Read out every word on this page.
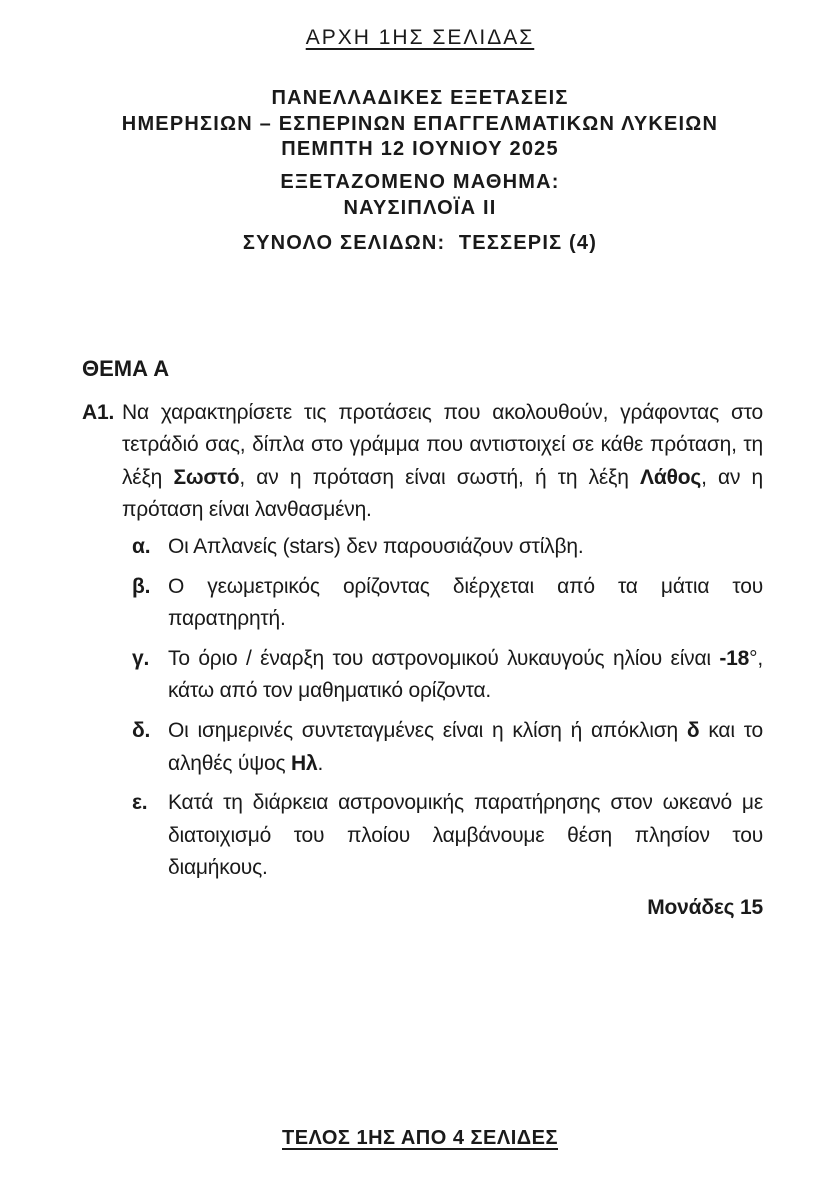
ΑΡΧΗ 1ΗΣ ΣΕΛΙΔΑΣ
ΠΑΝΕΛΛΑΔΙΚΕΣ ΕΞΕΤΑΣΕΙΣ
ΗΜΕΡΗΣΙΩΝ – ΕΣΠΕΡΙΝΩΝ ΕΠΑΓΓΕΛΜΑΤΙΚΩΝ ΛΥΚΕΙΩΝ
ΠΕΜΠΤΗ 12 ΙΟΥΝΙΟΥ 2025
ΕΞΕΤΑΖΟΜΕΝΟ ΜΑΘΗΜΑ:
ΝΑΥΣΙΠΛΟΪΑ ΙΙ
ΣΥΝΟΛΟ ΣΕΛΙΔΩΝ:  ΤΕΣΣΕΡΙΣ (4)
ΘΕΜΑ Α
Α1. Να χαρακτηρίσετε τις προτάσεις που ακολουθούν, γράφοντας στο τετράδιό σας, δίπλα στο γράμμα που αντιστοιχεί σε κάθε πρόταση, τη λέξη Σωστό, αν η πρόταση είναι σωστή, ή τη λέξη Λάθος, αν η πρόταση είναι λανθασμένη.
α. Οι Απλανείς (stars) δεν παρουσιάζουν στίλβη.
β. Ο γεωμετρικός ορίζοντας διέρχεται από τα μάτια του παρατηρητή.
γ. Το όριο / έναρξη του αστρονομικού λυκαυγούς ηλίου είναι -18°, κάτω από τον μαθηματικό ορίζοντα.
δ. Οι ισημερινές συντεταγμένες είναι η κλίση ή απόκλιση δ και το αληθές ύψος Ηλ.
ε. Κατά τη διάρκεια αστρονομικής παρατήρησης στον ωκεανό με διατοιχισμό του πλοίου λαμβάνουμε θέση πλησίον του διαμήκους.
Μονάδες 15
ΤΕΛΟΣ 1ΗΣ ΑΠΟ 4 ΣΕΛΙΔΕΣ
